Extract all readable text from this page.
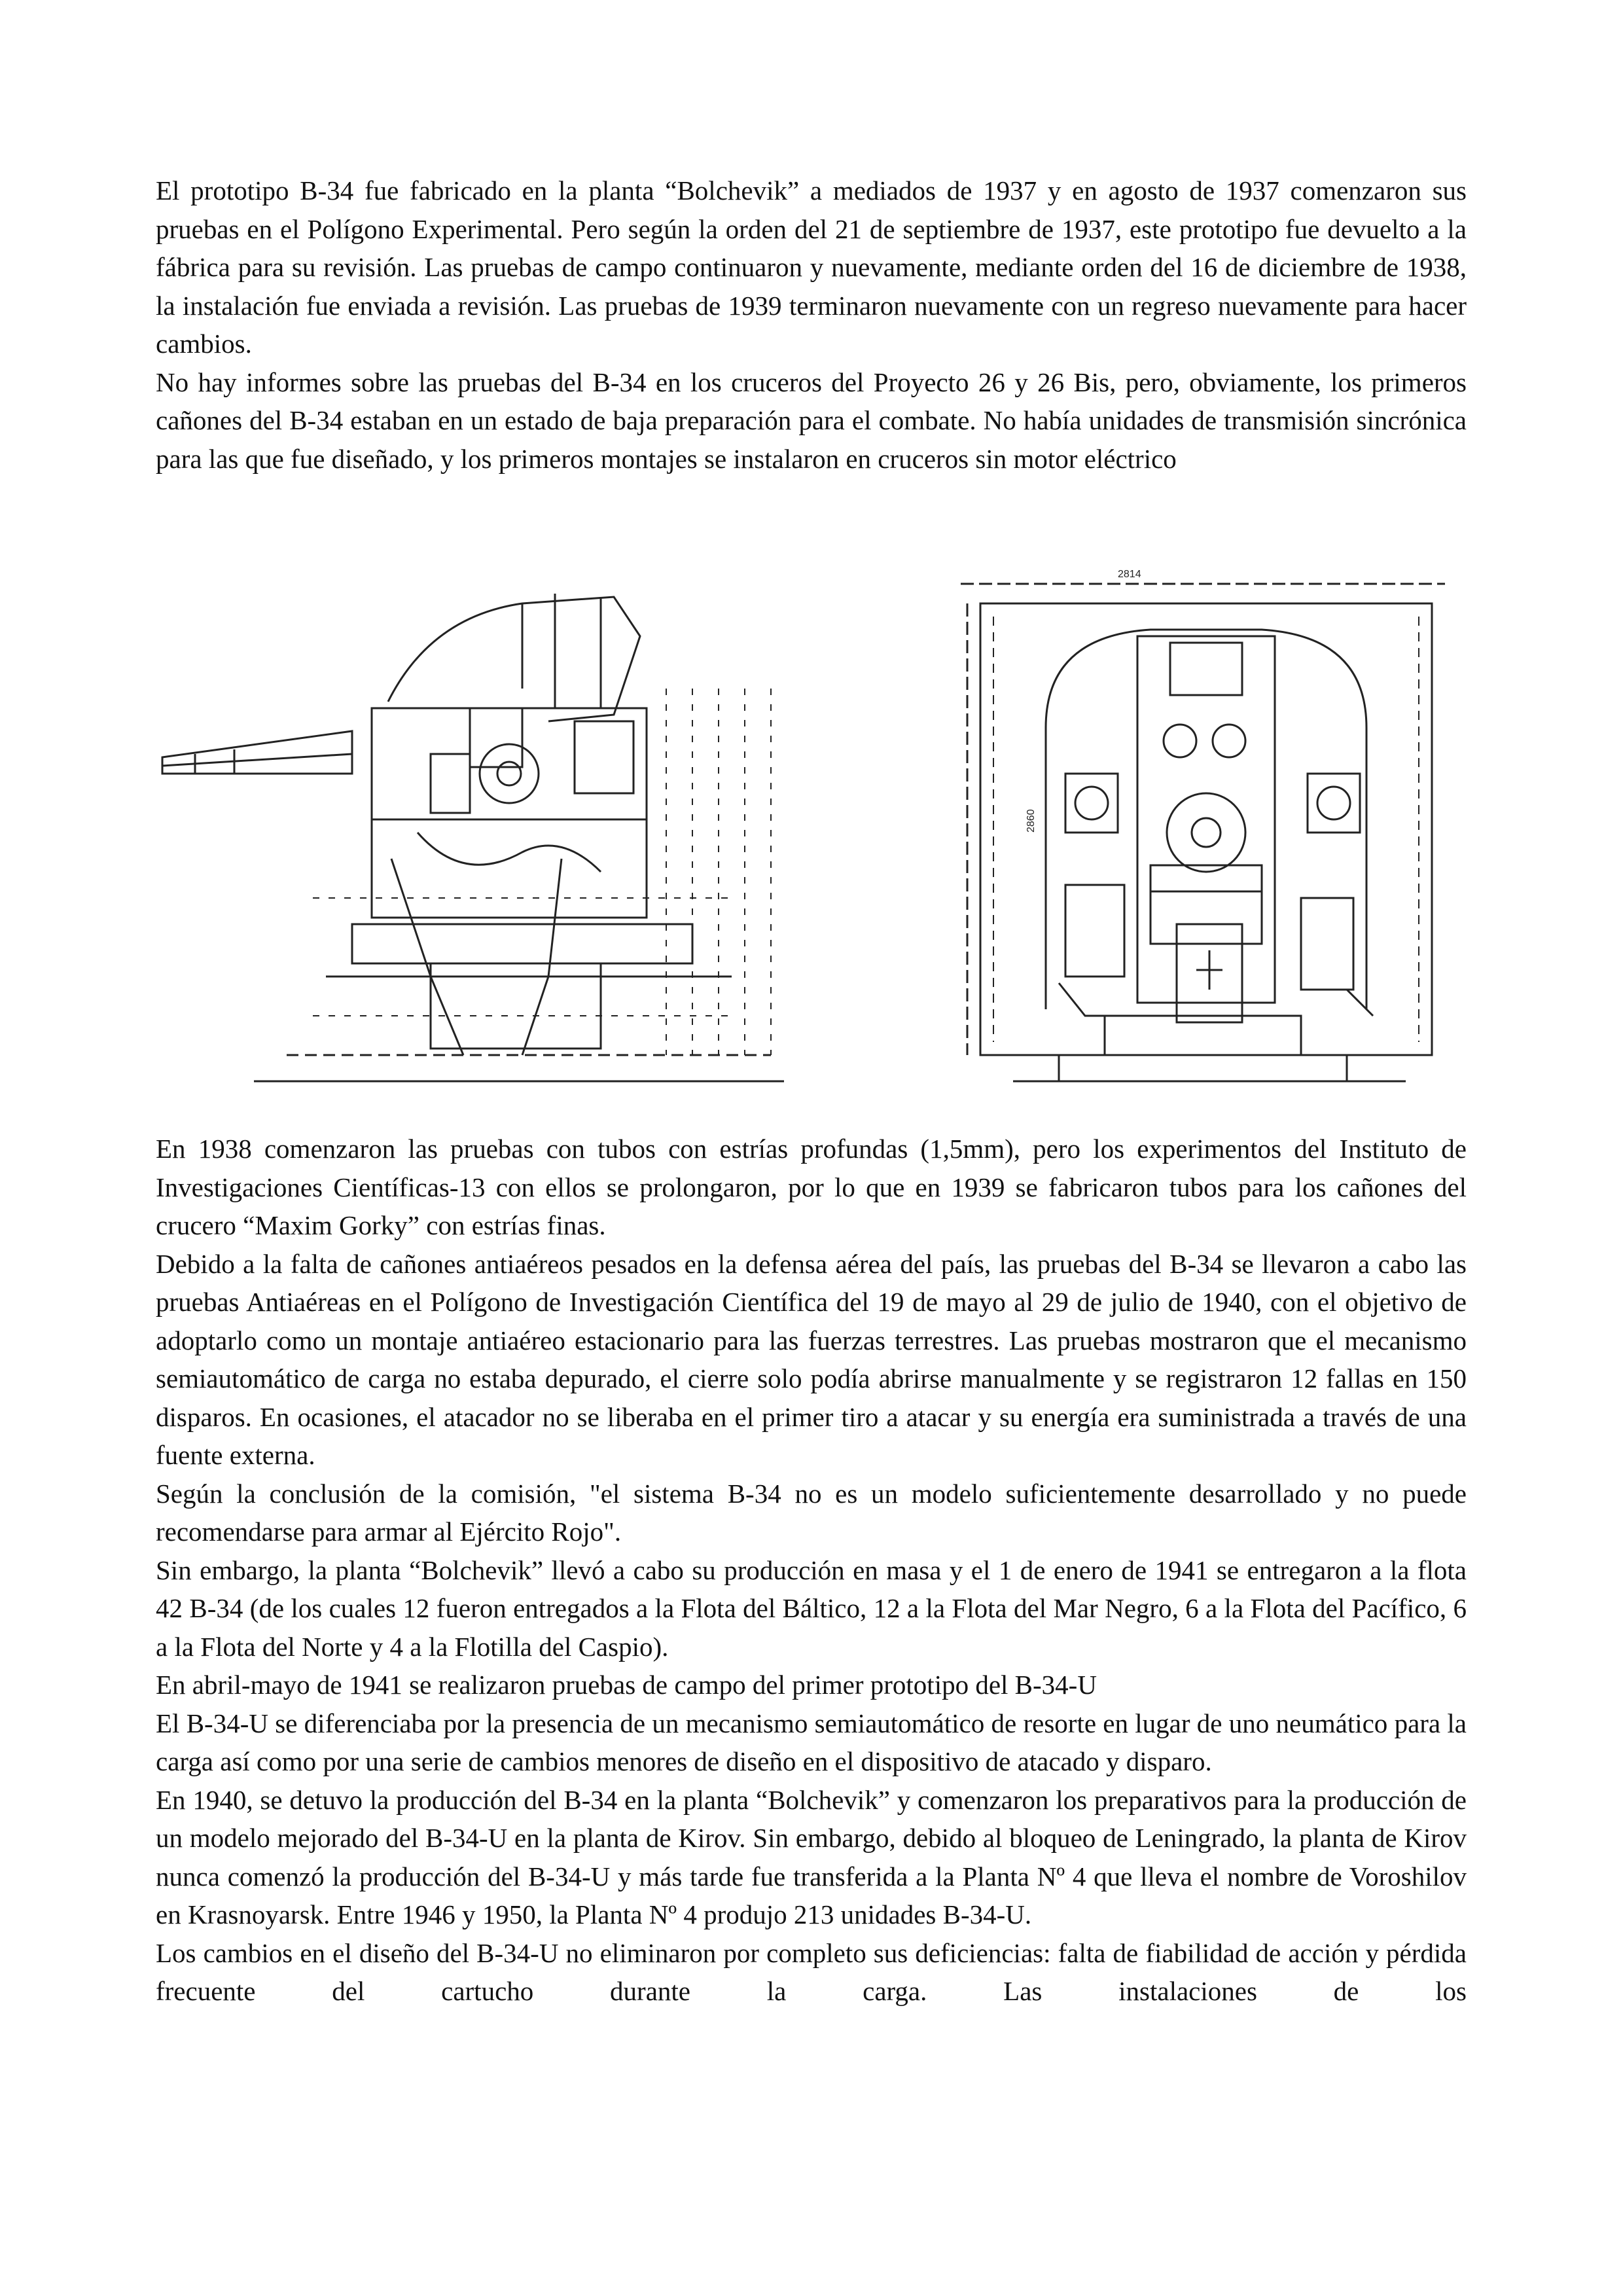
El prototipo B-34 fue fabricado en la planta “Bolchevik” a mediados de 1937 y en agosto de 1937 comenzaron sus pruebas en el Polígono Experimental. Pero según la orden del 21 de septiembre de 1937, este prototipo fue devuelto a la fábrica para su revisión. Las pruebas de campo continuaron y nuevamente, mediante orden del 16 de diciembre de 1938, la instalación fue enviada a revisión. Las pruebas de 1939 terminaron nuevamente con un regreso nuevamente para hacer cambios.

No hay informes sobre las pruebas del B-34 en los cruceros del Proyecto 26 y 26 Bis, pero, obviamente, los primeros cañones del B-34 estaban en un estado de baja preparación para el combate. No había unidades de transmisión sincrónica para las que fue diseñado, y los primeros montajes se instalaron en cruceros sin motor eléctrico

2814
2860

En 1938 comenzaron las pruebas con tubos con estrías profundas (1,5mm), pero los experimentos del Instituto de Investigaciones Científicas-13 con ellos se prolongaron, por lo que en 1939 se fabricaron tubos para los cañones del crucero “Maxim Gorky” con estrías finas.

Debido a la falta de cañones antiaéreos pesados en la defensa aérea del país, las pruebas del B-34 se llevaron a cabo las pruebas Antiaéreas en el Polígono de Investigación Científica del 19 de mayo al 29 de julio de 1940, con el objetivo de adoptarlo como un montaje antiaéreo estacionario para las fuerzas terrestres. Las pruebas mostraron que el mecanismo semiautomático de carga no estaba depurado, el cierre solo podía abrirse manualmente y se registraron 12 fallas en 150 disparos. En ocasiones, el atacador no se liberaba en el primer tiro a atacar y su energía era suministrada a través de una fuente externa.

Según la conclusión de la comisión, "el sistema B-34 no es un modelo suficientemente desarrollado y no puede recomendarse para armar al Ejército Rojo".

Sin embargo, la planta “Bolchevik” llevó a cabo su producción en masa y el 1 de enero de 1941 se entregaron a la flota 42 B-34 (de los cuales 12 fueron entregados a la Flota del Báltico, 12 a la Flota del Mar Negro, 6 a la Flota del Pacífico, 6 a la Flota del Norte y 4 a la Flotilla del Caspio).

En abril-mayo de 1941 se realizaron pruebas de campo del primer prototipo del B-34-U

El B-34-U se diferenciaba por la presencia de un mecanismo semiautomático de resorte en lugar de uno neumático para la carga así como por una serie de cambios menores de diseño en el dispositivo de atacado y disparo.

En 1940, se detuvo la producción del B-34 en la planta “Bolchevik” y comenzaron los preparativos para la producción de un modelo mejorado del B-34-U en la planta de Kirov. Sin embargo, debido al bloqueo de Leningrado, la planta de Kirov nunca comenzó la producción del B-34-U y más tarde fue transferida a la Planta Nº 4 que lleva el nombre de Voroshilov en Krasnoyarsk. Entre 1946 y 1950, la Planta Nº 4 produjo 213 unidades B-34-U.

Los cambios en el diseño del B-34-U no eliminaron por completo sus deficiencias: falta de fiabilidad de acción y pérdida frecuente del cartucho durante la carga. Las instalaciones de los
